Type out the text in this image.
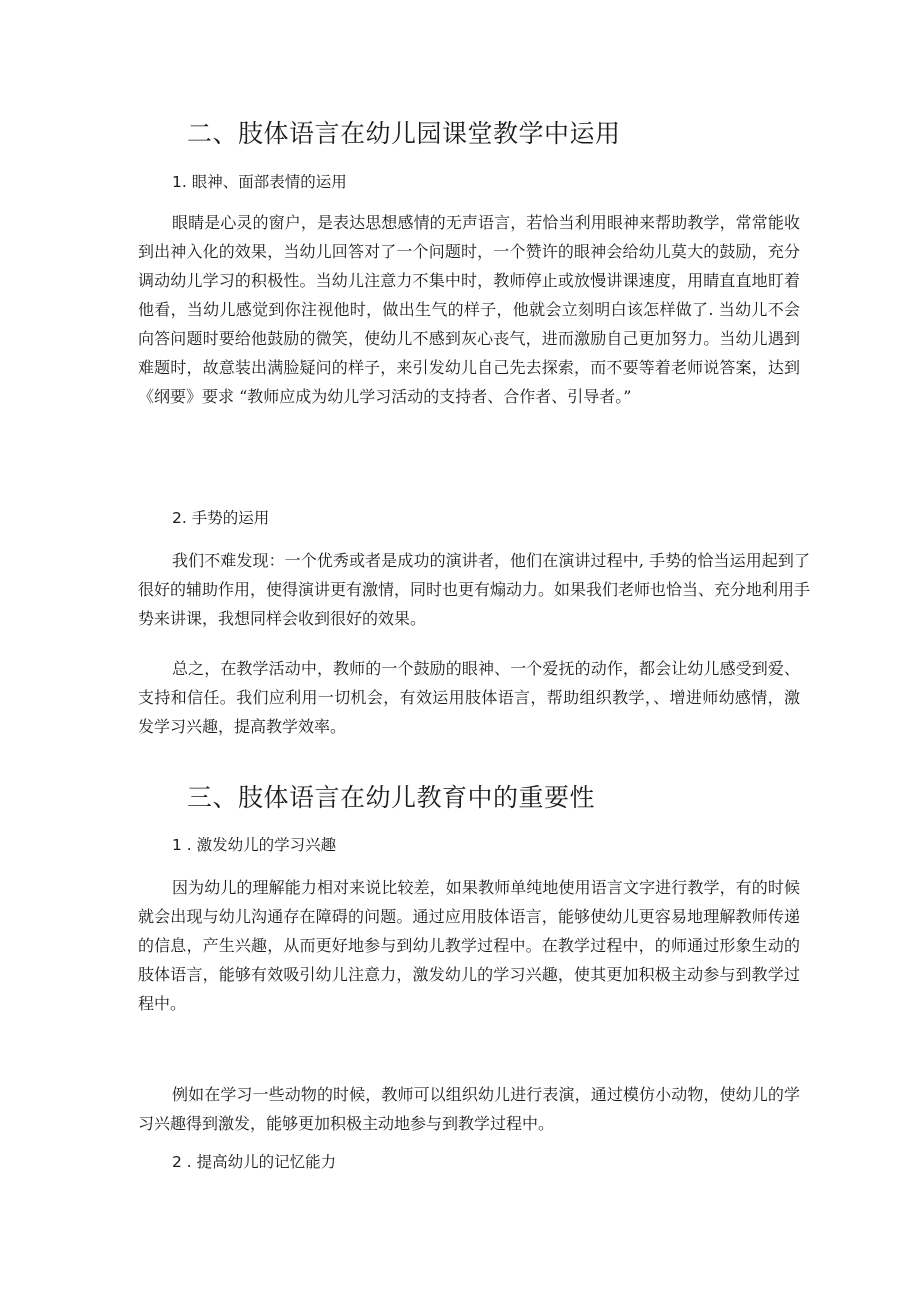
二、肢体语言在幼儿园课堂教学中运用

1. 眼神、面部表情的运用

眼睛是心灵的窗户，是表达思想感情的无声语言，若恰当利用眼神来帮助教学，常常能收到出神入化的效果，当幼儿回答对了一个问题时，一个赞许的眼神会给幼儿莫大的鼓励，充分调动幼儿学习的积极性。当幼儿注意力不集中时，教师停止或放慢讲课速度，用睛直直地盯着他看，当幼儿感觉到你注视他时，做出生气的样子，他就会立刻明白该怎样做了. 当幼儿不会向答问题时要给他鼓励的微笑，使幼儿不感到灰心丧气，进而激励自己更加努力。当幼儿遇到难题时，故意装出满脸疑问的样子，来引发幼儿自己先去探索，而不要等着老师说答案，达到《纲要》要求 “教师应成为幼儿学习活动的支持者、合作者、引导者。”

2. 手势的运用

我们不难发现：一个优秀或者是成功的演讲者，他们在演讲过程中, 手势的恰当运用起到了很好的辅助作用，使得演讲更有激情，同时也更有煽动力。如果我们老师也恰当、充分地利用手势来讲课，我想同样会收到很好的效果。

总之，在教学活动中，教师的一个鼓励的眼神、一个爱抚的动作，都会让幼儿感受到爱、支持和信任。我们应利用一切机会，有效运用肢体语言，帮助组织教学，、增进师幼感情，激发学习兴趣，提高教学效率。

三、肢体语言在幼儿教育中的重要性

1 . 激发幼儿的学习兴趣

因为幼儿的理解能力相对来说比较差，如果教师单纯地使用语言文字进行教学，有的时候就会出现与幼儿沟通存在障碍的问题。通过应用肢体语言，能够使幼儿更容易地理解教师传递的信息，产生兴趣，从而更好地参与到幼儿教学过程中。在教学过程中，的师通过形象生动的肢体语言，能够有效吸引幼儿注意力，激发幼儿的学习兴趣，使其更加积极主动参与到教学过程中。

例如在学习一些动物的时候，教师可以组织幼儿进行表演，通过模仿小动物，使幼儿的学习兴趣得到激发，能够更加积极主动地参与到教学过程中。

2 . 提高幼儿的记忆能力
